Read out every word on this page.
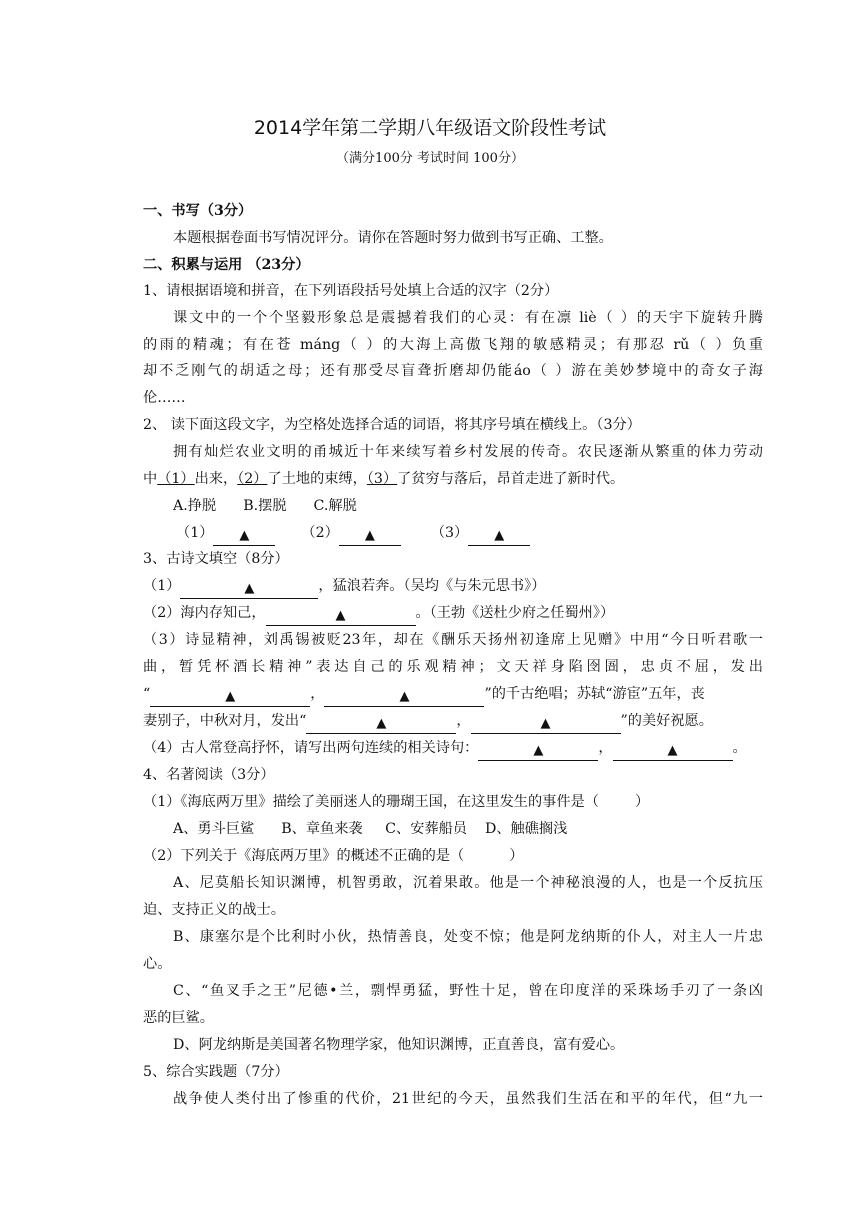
2014学年第二学期八年级语文阶段性考试
（满分100分 考试时间 100分）
一、书写（3分）
本题根据卷面书写情况评分。请你在答题时努力做到书写正确、工整。
二、积累与运用 （23分）
1、请根据语境和拼音，在下列语段括号处填上合适的汉字（2分）
课文中的一个个坚毅形象总是震撼着我们的心灵：有在凛 liè（ ）的天宇下旋转升腾
的雨的精魂；有在苍 máng（ ）的大海上高傲飞翔的敏感精灵；有那忍 rǔ（ ）负重
却不乏刚气的胡适之母；还有那受尽盲聋折磨却仍能áo（ ）游在美妙梦境中的奇女子海
伦……
2、 读下面这段文字，为空格处选择合适的词语，将其序号填在横线上。（3分）
拥有灿烂农业文明的甬城近十年来续写着乡村发展的传奇。农民逐渐从繁重的体力劳动
中（1）出来，（2）了土地的束缚，（3）了贫穷与落后，昂首走进了新时代。
A.挣脱      B.摆脱      C.解脱
（1） ▲	（2） ▲	（3） ▲
3、古诗文填空（8分）
（1）	▲	，猛浪若奔。（吴均《与朱元思书》）
（2）海内存知己，	▲	。（王勃《送杜少府之任蜀州》）
（3）诗显精神，刘禹锡被贬23年，却在《酬乐天扬州初逢席上见赠》中用“今日听君歌一
曲，暂凭杯酒长精神”表达自己的乐观精神；文天祥身陷囹圄，忠贞不屈，发出
“	▲	，	▲	”的千古绝唱；苏轼“游宦”五年，丧
妻别子，中秋对月，发出“	▲	，	▲	”的美好祝愿。
（4）古人常登高抒怀，请写出两句连续的相关诗句：	▲	，	▲	。
4、名著阅读（3分）
（1）《海底两万里》描绘了美丽迷人的珊瑚王国，在这里发生的事件是（        ）
A、勇斗巨鲨      B、章鱼来袭     C、安葬船员    D、触礁搁浅
（2）下列关于《海底两万里》的概述不正确的是（          ）
A、尼莫船长知识渊博，机智勇敢，沉着果敢。他是一个神秘浪漫的人，也是一个反抗压
迫、支持正义的战士。
B、康塞尔是个比利时小伙，热情善良，处变不惊；他是阿龙纳斯的仆人，对主人一片忠
心。
C、“鱼叉手之王”尼德•兰，剽悍勇猛，野性十足，曾在印度洋的采珠场手刃了一条凶
恶的巨鲨。
D、阿龙纳斯是美国著名物理学家，他知识渊博，正直善良，富有爱心。
5、综合实践题（7分）
战争使人类付出了惨重的代价，21世纪的今天，虽然我们生活在和平的年代，但“九一
